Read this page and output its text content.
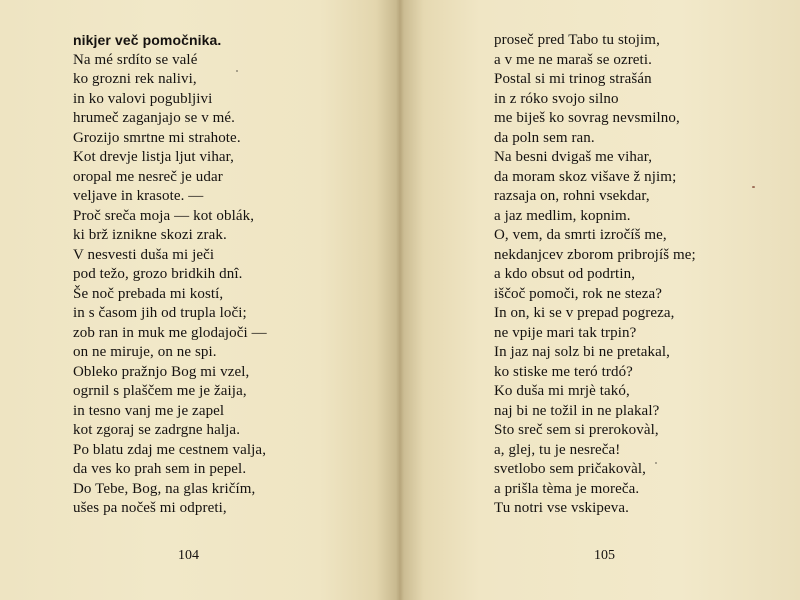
nikjer več pomočnika.
Na mé srdíto se valé
ko grozni rek nalivi,
in ko valovi pogubljivi
hrumeč zaganjajo se v mé.
Grozijo smrtne mi strahote.
Kot drevje listja ljut vihar,
oropal me nesreč je udar
veljave in krasote. —
Proč sreča moja — kot oblák,
ki brž iznikne skozi zrak.
V nesvesti duša mi ječi
pod težo, grozo bridkih dnî.
Še noč prebada mi kostí,
in s časom jih od trupla loči;
zob ran in muk me glodajoči —
on ne miruje, on ne spi.
Obleko pražnjo Bog mi vzel,
ogrnil s plaščem me je žaija,
in tesno vanj me je zapel
kot zgoraj se zadrgne halja.
Po blatu zdaj me cestnem valja,
da ves ko prah sem in pepel.
Do Tebe, Bog, na glas kričím,
ušes pa nočeš mi odpreti,
104
proseč pred Tabo tu stojim,
a v me ne maraš se ozreti.
Postal si mi trinog strašán
in z róko svojo silno
me biješ ko sovrag nevsmilno,
da poln sem ran.
Na besni dvigaš me vihar,
da moram skoz višave ž njim;
razsaja on, rohni vsekdar,
a jaz medlim, kopnim.
O, vem, da smrti izročíš me,
nekdanjcev zborom pribrojíš me;
a kdo obsut od podrtin,
iščoč pomoči, rok ne steza?
In on, ki se v prepad pogreza,
ne vpije mari tak trpin?
In jaz naj solz bi ne pretakal,
ko stiske me teró trdó?
Ko duša mi mrjè takó,
naj bi ne tožil in ne plakal?
Sto sreč sem si prerokovàl,
a, glej, tu je nesreča!
svetlobo sem pričakovàl,
a prišla tèma je moreča.
Tu notri vse vskipeva.
105
